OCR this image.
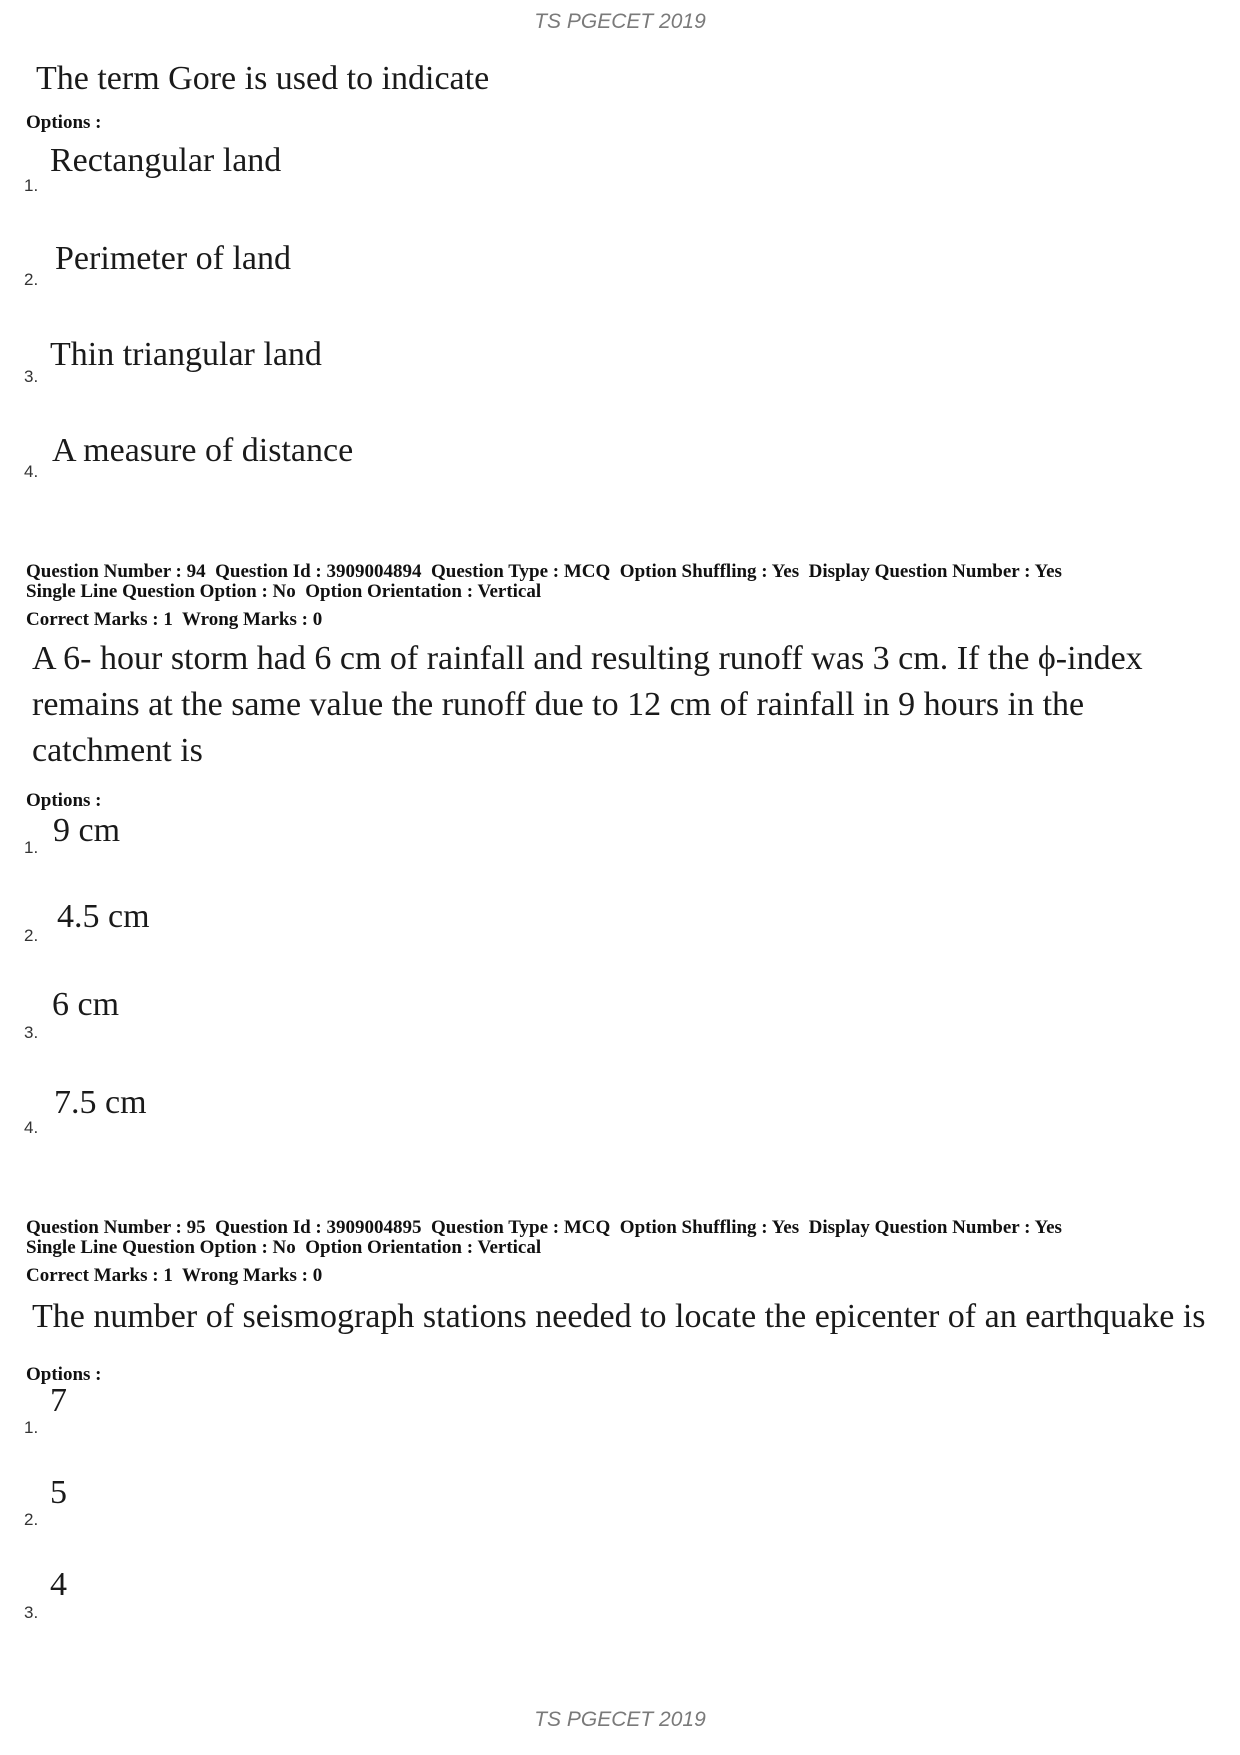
TS PGECET 2019
The term Gore is used to indicate
Options :
1.
Rectangular land
2.
Perimeter of land
3.
Thin triangular land
4.
A measure of distance
Question Number : 94  Question Id : 3909004894  Question Type : MCQ  Option Shuffling : Yes  Display Question Number : Yes
Single Line Question Option : No  Option Orientation : Vertical
Correct Marks : 1  Wrong Marks : 0
A 6- hour storm had 6 cm of rainfall and resulting runoff was 3 cm. If the ϕ-index
remains at the same value the runoff due to 12 cm of rainfall in 9 hours in the
catchment is
Options :
1. 9 cm
2.
4.5 cm
3.
6 cm
4.
7.5 cm
Question Number : 95  Question Id : 3909004895  Question Type : MCQ  Option Shuffling : Yes  Display Question Number : Yes
Single Line Question Option : No  Option Orientation : Vertical
Correct Marks : 1  Wrong Marks : 0
The number of seismograph stations needed to locate the epicenter of an earthquake is
Options :
1.
7
2.
5
3.
4
TS PGECET 2019
